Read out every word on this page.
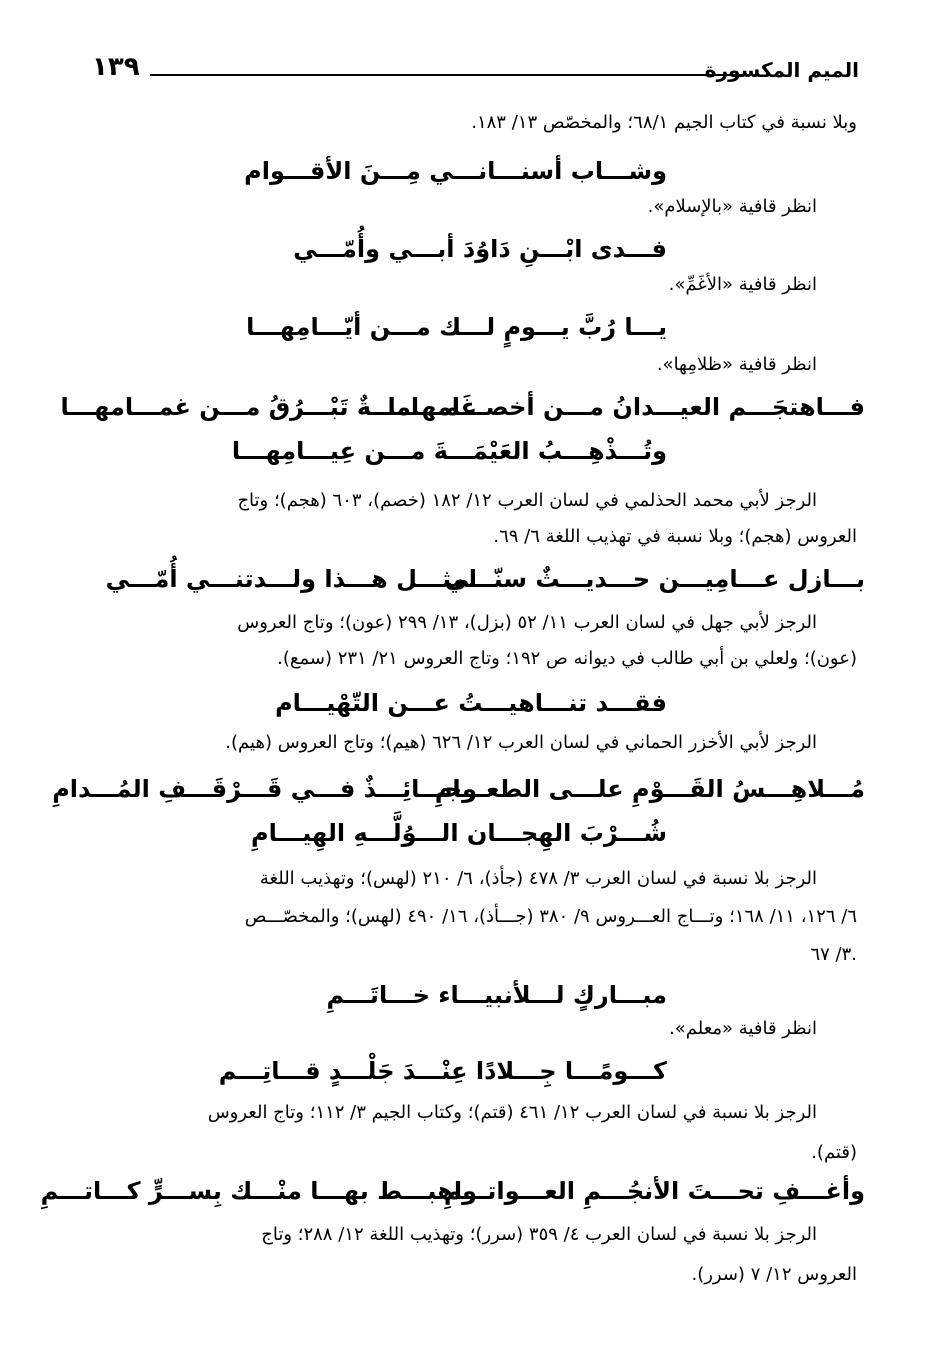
الميم المكسورة
١٣٩
وبلا نسبة في كتاب الجيم ٦٨/١؛ والمخصّص ١٣/ ١٨٣.
وشـــاب أسنـــانـــي مِـــنَ الأقـــوام
انظر قافية «بالإسلام».
فـــدى ابْـــنِ دَاوُدَ أبـــي وأُمّـــي
انظر قافية «الأغَمِّ».
يـــا رُبَّ يـــومٍ لـــك مـــن أيّـــامِهـــا
انظر قافية «ظلامِها».
فـــاهتجَـــم العيـــدانُ مـــن أخصـــامهـــا
غَمـــامـــةٌ تَبْـــرُقُ مـــن غمـــامهـــا
وتُـــذْهِـــبُ العَيْمَـــةَ مـــن عِيـــامِهـــا
الرجز لأبي محمد الحذلمي في لسان العرب ١٢/ ١٨٢ (خصم)، ٦٠٣ (هجم)؛ وتاج
العروس (هجم)؛ وبلا نسبة في تهذيب اللغة ٦/ ٦٩.
بـــازل عـــامِيـــن حـــديـــثٌ سنّـــي
لمثـــل هـــذا ولـــدتنـــي أُمّـــي
الرجز لأبي جهل في لسان العرب ١١/ ٥٢ (بزل)، ١٣/ ٢٩٩ (عون)؛ وتاج العروس
(عون)؛ ولعلي بن أبي طالب في ديوانه ص ١٩٢؛ وتاج العروس ٢١/ ٢٣١ (سمع).
فقـــد تنـــاهيـــتُ عـــن التّهْيـــام
الرجز لأبي الأخزر الحماني في لسان العرب ١٢/ ٦٢٦ (هيم)؛ وتاج العروس (هيم).
مُـــلاهِـــسُ القَـــوْمِ علـــى الطعـــامِ
وجـــائِـــذٌ فـــي قَـــرْقَـــفِ المُـــدامِ
شُـــرْبَ الهِجـــان الـــوُلَّـــهِ الهِيـــامِ
الرجز بلا نسبة في لسان العرب ٣/ ٤٧٨ (جأذ)، ٦/ ٢١٠ (لهس)؛ وتهذيب اللغة
٦/ ١٢٦، ١١/ ١٦٨؛ وتـــاج العـــروس ٩/ ٣٨٠ (جـــأذ)، ١٦/ ٤٩٠ (لهس)؛ والمخصّـــص
٣/ ٦٧.
مبـــاركٍ لـــلأنبيـــاء خـــاتَـــمِ
انظر قافية «معلم».
كـــومًـــا جِـــلادًا عِنْـــدَ جَلْـــدٍ قـــاتِـــم
الرجز بلا نسبة في لسان العرب ١٢/ ٤٦١ (قتم)؛ وكتاب الجيم ٣/ ١١٢؛ وتاج العروس
(قتم).
وأغـــفِ تحـــتَ الأنجُـــمِ العـــواتـــمِ
واهبـــط بهـــا منْـــك بِســـرٍّ كـــاتـــمِ
الرجز بلا نسبة في لسان العرب ٤/ ٣٥٩ (سرر)؛ وتهذيب اللغة ١٢/ ٢٨٨؛ وتاج
العروس ١٢/ ٧ (سرر).
